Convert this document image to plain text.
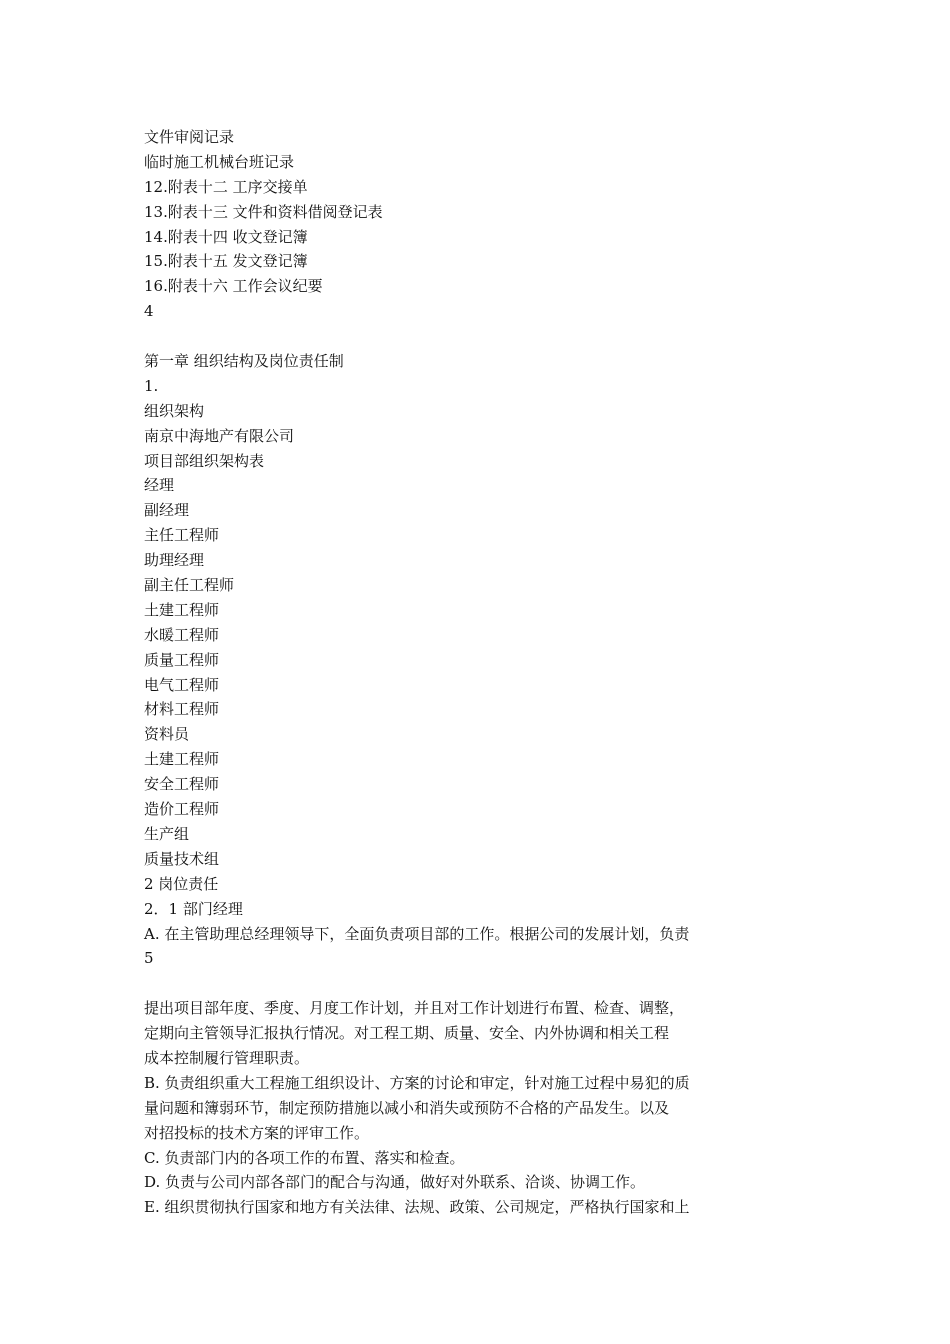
文件审阅记录
临时施工机械台班记录
12.附表十二 工序交接单
13.附表十三 文件和资料借阅登记表
14.附表十四 收文登记簿
15.附表十五 发文登记簿
16.附表十六 工作会议纪要
4
第一章 组织结构及岗位责任制
1.
组织架构
南京中海地产有限公司
项目部组织架构表
经理
副经理
主任工程师
助理经理
副主任工程师
土建工程师
水暖工程师
质量工程师
电气工程师
材料工程师
资料员
土建工程师
安全工程师
造价工程师
生产组
质量技术组
2 岗位责任
2．1 部门经理
A. 在主管助理总经理领导下，全面负责项目部的工作。根据公司的发展计划，负责
5
提出项目部年度、季度、月度工作计划，并且对工作计划进行布置、检查、调整，
定期向主管领导汇报执行情况。对工程工期、质量、安全、内外协调和相关工程
成本控制履行管理职责。
B. 负责组织重大工程施工组织设计、方案的讨论和审定，针对施工过程中易犯的质
量问题和簿弱环节，制定预防措施以减小和消失或预防不合格的产品发生。以及
对招投标的技术方案的评审工作。
C. 负责部门内的各项工作的布置、落实和检查。
D. 负责与公司内部各部门的配合与沟通，做好对外联系、洽谈、协调工作。
E. 组织贯彻执行国家和地方有关法律、法规、政策、公司规定，严格执行国家和上
